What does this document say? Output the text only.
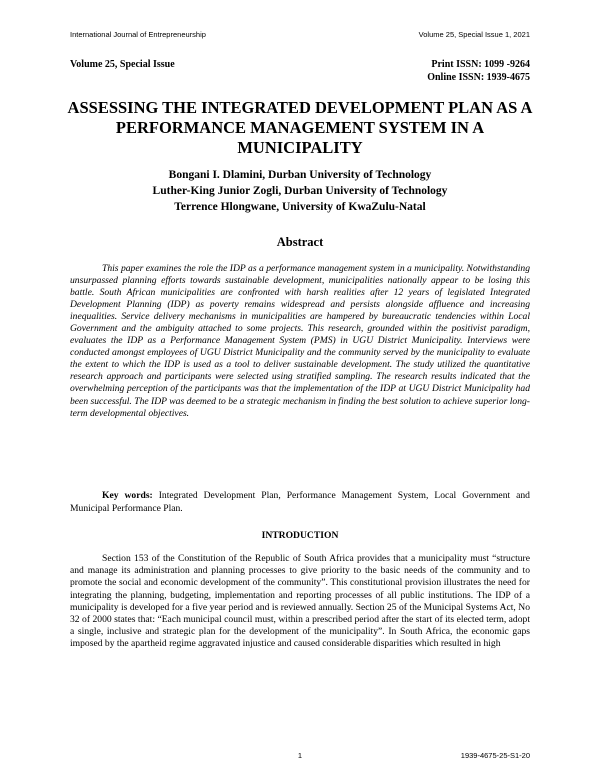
International Journal of Entrepreneurship	Volume 25, Special Issue 1, 2021
Volume 25, Special Issue	Print ISSN: 1099 -9264
Online ISSN: 1939-4675
ASSESSING THE INTEGRATED DEVELOPMENT PLAN AS A PERFORMANCE MANAGEMENT SYSTEM IN A MUNICIPALITY
Bongani I. Dlamini, Durban University of Technology
Luther-King Junior Zogli, Durban University of Technology
Terrence Hlongwane, University of KwaZulu-Natal
Abstract

This paper examines the role the IDP as a performance management system in a municipality. Notwithstanding unsurpassed planning efforts towards sustainable development, municipalities nationally appear to be losing this battle. South African municipalities are confronted with harsh realities after 12 years of legislated Integrated Development Planning (IDP) as poverty remains widespread and persists alongside affluence and increasing inequalities. Service delivery mechanisms in municipalities are hampered by bureaucratic tendencies within Local Government and the ambiguity attached to some projects. This research, grounded within the positivist paradigm, evaluates the IDP as a Performance Management System (PMS) in UGU District Municipality. Interviews were conducted amongst employees of UGU District Municipality and the community served by the municipality to evaluate the extent to which the IDP is used as a tool to deliver sustainable development. The study utilized the quantitative research approach and participants were selected using stratified sampling. The research results indicated that the overwhelming perception of the participants was that the implementation of the IDP at UGU District Municipality had been successful. The IDP was deemed to be a strategic mechanism in finding the best solution to achieve superior long-term developmental objectives.

Key words: Integrated Development Plan, Performance Management System, Local Government and Municipal Performance Plan.

INTRODUCTION

Section 153 of the Constitution of the Republic of South Africa provides that a municipality must “structure and manage its administration and planning processes to give priority to the basic needs of the community and to promote the social and economic development of the community”. This constitutional provision illustrates the need for integrating the planning, budgeting, implementation and reporting processes of all public institutions. The IDP of a municipality is developed for a five year period and is reviewed annually. Section 25 of the Municipal Systems Act, No 32 of 2000 states that: “Each municipal council must, within a prescribed period after the start of its elected term, adopt a single, inclusive and strategic plan for the development of the municipality”. In South Africa, the economic gaps imposed by the apartheid regime aggravated injustice and caused considerable disparities which resulted in high

1	1939-4675-25-S1-20
